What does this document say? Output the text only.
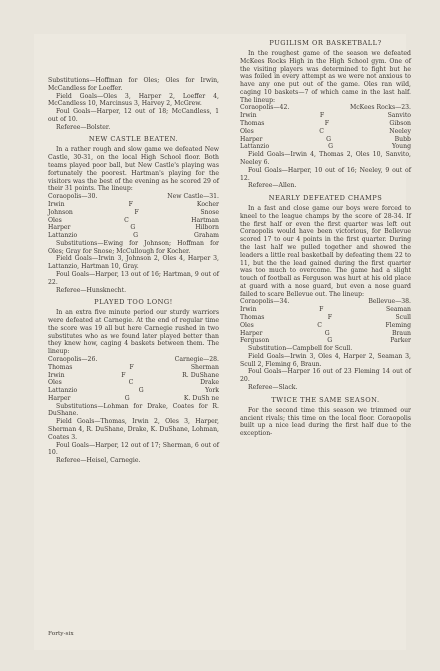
Substitutions—Hoffman for Oles; Oles for Irwin, McCandless for Loeffer.

Field Goals—Oles 3, Harper 2, Loeffer 4, McCandless 10, Marcinsus 3, Harvey 2, McGrew.

Foul Goals—Harper, 12 out of 18; McCandless, 1 out of 10.

Referee—Bolster.

NEW CASTLE BEATEN.

In a rather rough and slow game we defeated New Castle, 30-31, on the local High School floor. Both teams played poor ball, but New Castle's playing was fortunately the poorest. Hartman's playing for the visitors was the best of the evening as he scored 29 of their 31 points. The lineup:

Coraopolis—30.	New Castle—31.
Irwin	F	Kocher
Johnson	F	Snose
Oles	C	Hartman
Harper	G	Hilborn
Lattanzio	G	Graham

Substitutions—Ewing for Johnson; Hoffman for Oles; Gray for Snose; McCullough for Kocher.

Field Goals—Irwin 3, Johnson 2, Oles 4, Harper 3, Lattanzio, Hartman 10, Gray.

Foul Goals—Harper, 13 out of 16; Hartman, 9 out of 22.

Referee—Hunsknecht.

PLAYED TOO LONG!

In an extra five minute period our sturdy warriors were defeated at Carnegie. At the end of regular time the score was 19 all but here Carnegie rushed in two substitutes who as we found later played better than they knew how, caging 4 baskets between them. The lineup:

Coraopolis—26.	Carnegie—28.
Thomas	F	Sherman
Irwin	F	R. DuShane
Oles	C	Drake
Lattanzio	G	York
Harper	G	K. DuSh ne

Substitutions—Lohman for Drake, Coates for R. DuShane.

Field Goals—Thomas, Irwin 2, Oles 3, Harper, Sherman 4, R. DuShane, Drake, K. DuShane, Lohman, Coates 3.

Foul Goals—Harper, 12 out of 17; Sherman, 6 out of 10.

Referee—Heisel, Carnegie.

PUGILISM OR BASKETBALL?

In the roughest game of the season we defeated McKees Rocks High in the High School gym. One of the visiting players was determined to fight but he was foiled in every attempt as we were not anxious to have any one put out of the game. Oles ran wild, caging 10 baskets—7 of which came in the last half. The lineup:

Coraopolis—42.	McKees Rocks—23.
Irwin	F	Sanvito
Thomas	F	Gibson
Oles	C	Neeley
Harper	G	Bubb
Lattanzio	G	Young

Field Goals—Irwin 4, Thomas 2, Oles 10, Sanvito, Neeley 6.

Foul Goals—Harper, 10 out of 16; Neeley, 9 out of 12.

Referee—Allen.

NEARLY DEFEATED CHAMPS

In a fast and close game our boys were forced to kneel to the league champs by the score of 28-34. If the first half or even the first quarter was left out Coraopolis would have been victorious, for Bellevue scored 17 to our 4 points in the first quarter. During the last half we pulled together and showed the leaders a little real basketball by defeating them 22 to 11, but the the lead gained during the first quarter was too much to overcome. The game had a slight touch of football as Ferguson was hurt at his old place at guard with a nose guard, but even a nose guard failed to scare Bellevue out. The lineup:

Coraopolis—34.	Bellevue—38.
Irwin	F	Seaman
Thomas	F	Scull
Oles	C	Fleming
Harper	G	Braun
Ferguson	G	Parker

Substitution—Campbell for Scull.

Field Goals—Irwin 3, Oles 4, Harper 2, Seaman 3, Scull 2, Fleming 6, Braun.

Foul Goals—Harper 16 out of 23 Fleming 14 out of 20.

Referee—Slack.

TWICE THE SAME SEASON.

For the second time this season we trimmed our ancient rivals; this time on the local floor. Coraopolis built up a nice lead during the first half due to the exception-

Forty-six
